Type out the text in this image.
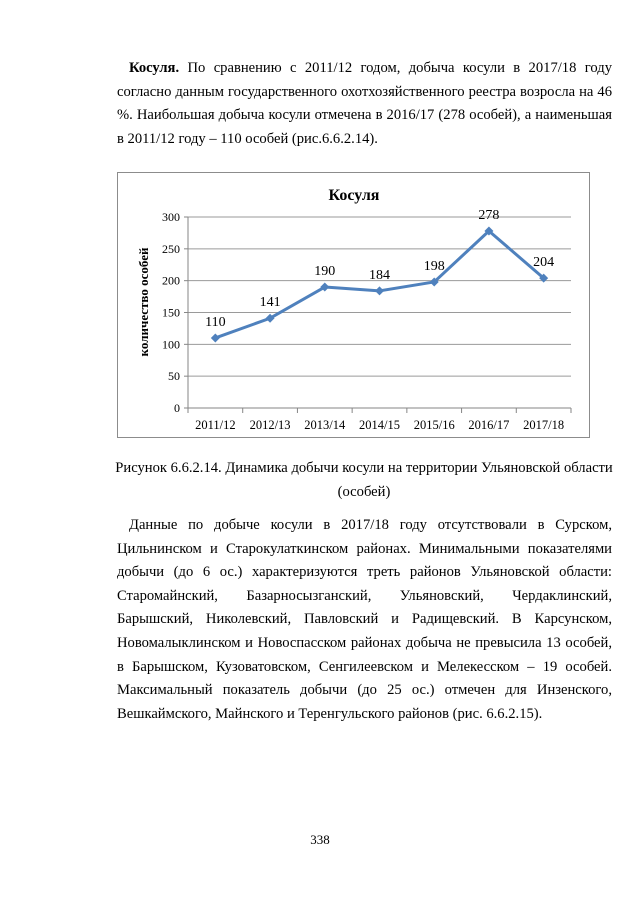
Косуля. По сравнению с 2011/12 годом, добыча косули в 2017/18 году согласно данным государственного охотхозяйственного реестра возросла на 46 %. Наибольшая добыча косули отмечена в 2016/17 (278 особей), а наименьшая в 2011/12 году – 110 особей (рис.6.6.2.14).

0
50
100
150
200
250
300
2011/12 2012/13 2013/14 2014/15 2015/16 2016/17 2017/18
110
141
190 184
198
278
204
Косуля
количество особей
Рисунок 6.6.2.14. Динамика добычи косули на территории Ульяновской области
(особей)

Данные по добыче косули в 2017/18 году отсутствовали в Сурском, Цильнинском и Старокулаткинском районах. Минимальными показателями добычи (до 6 ос.) характеризуются треть районов Ульяновской области: Старомайнский, Базарносызганский, Ульяновский, Чердаклинский, Барышский, Николевский, Павловский и Радищевский. В Карсунском, Новомалыклинском и Новоспасском районах добыча не превысила 13 особей, в Барышском, Кузоватовском, Сенгилеевском и Мелекесском – 19 особей. Максимальный показатель добычи (до 25 ос.) отмечен для Инзенского, Вешкаймского, Майнского и Теренгульского районов (рис. 6.6.2.15).

338
